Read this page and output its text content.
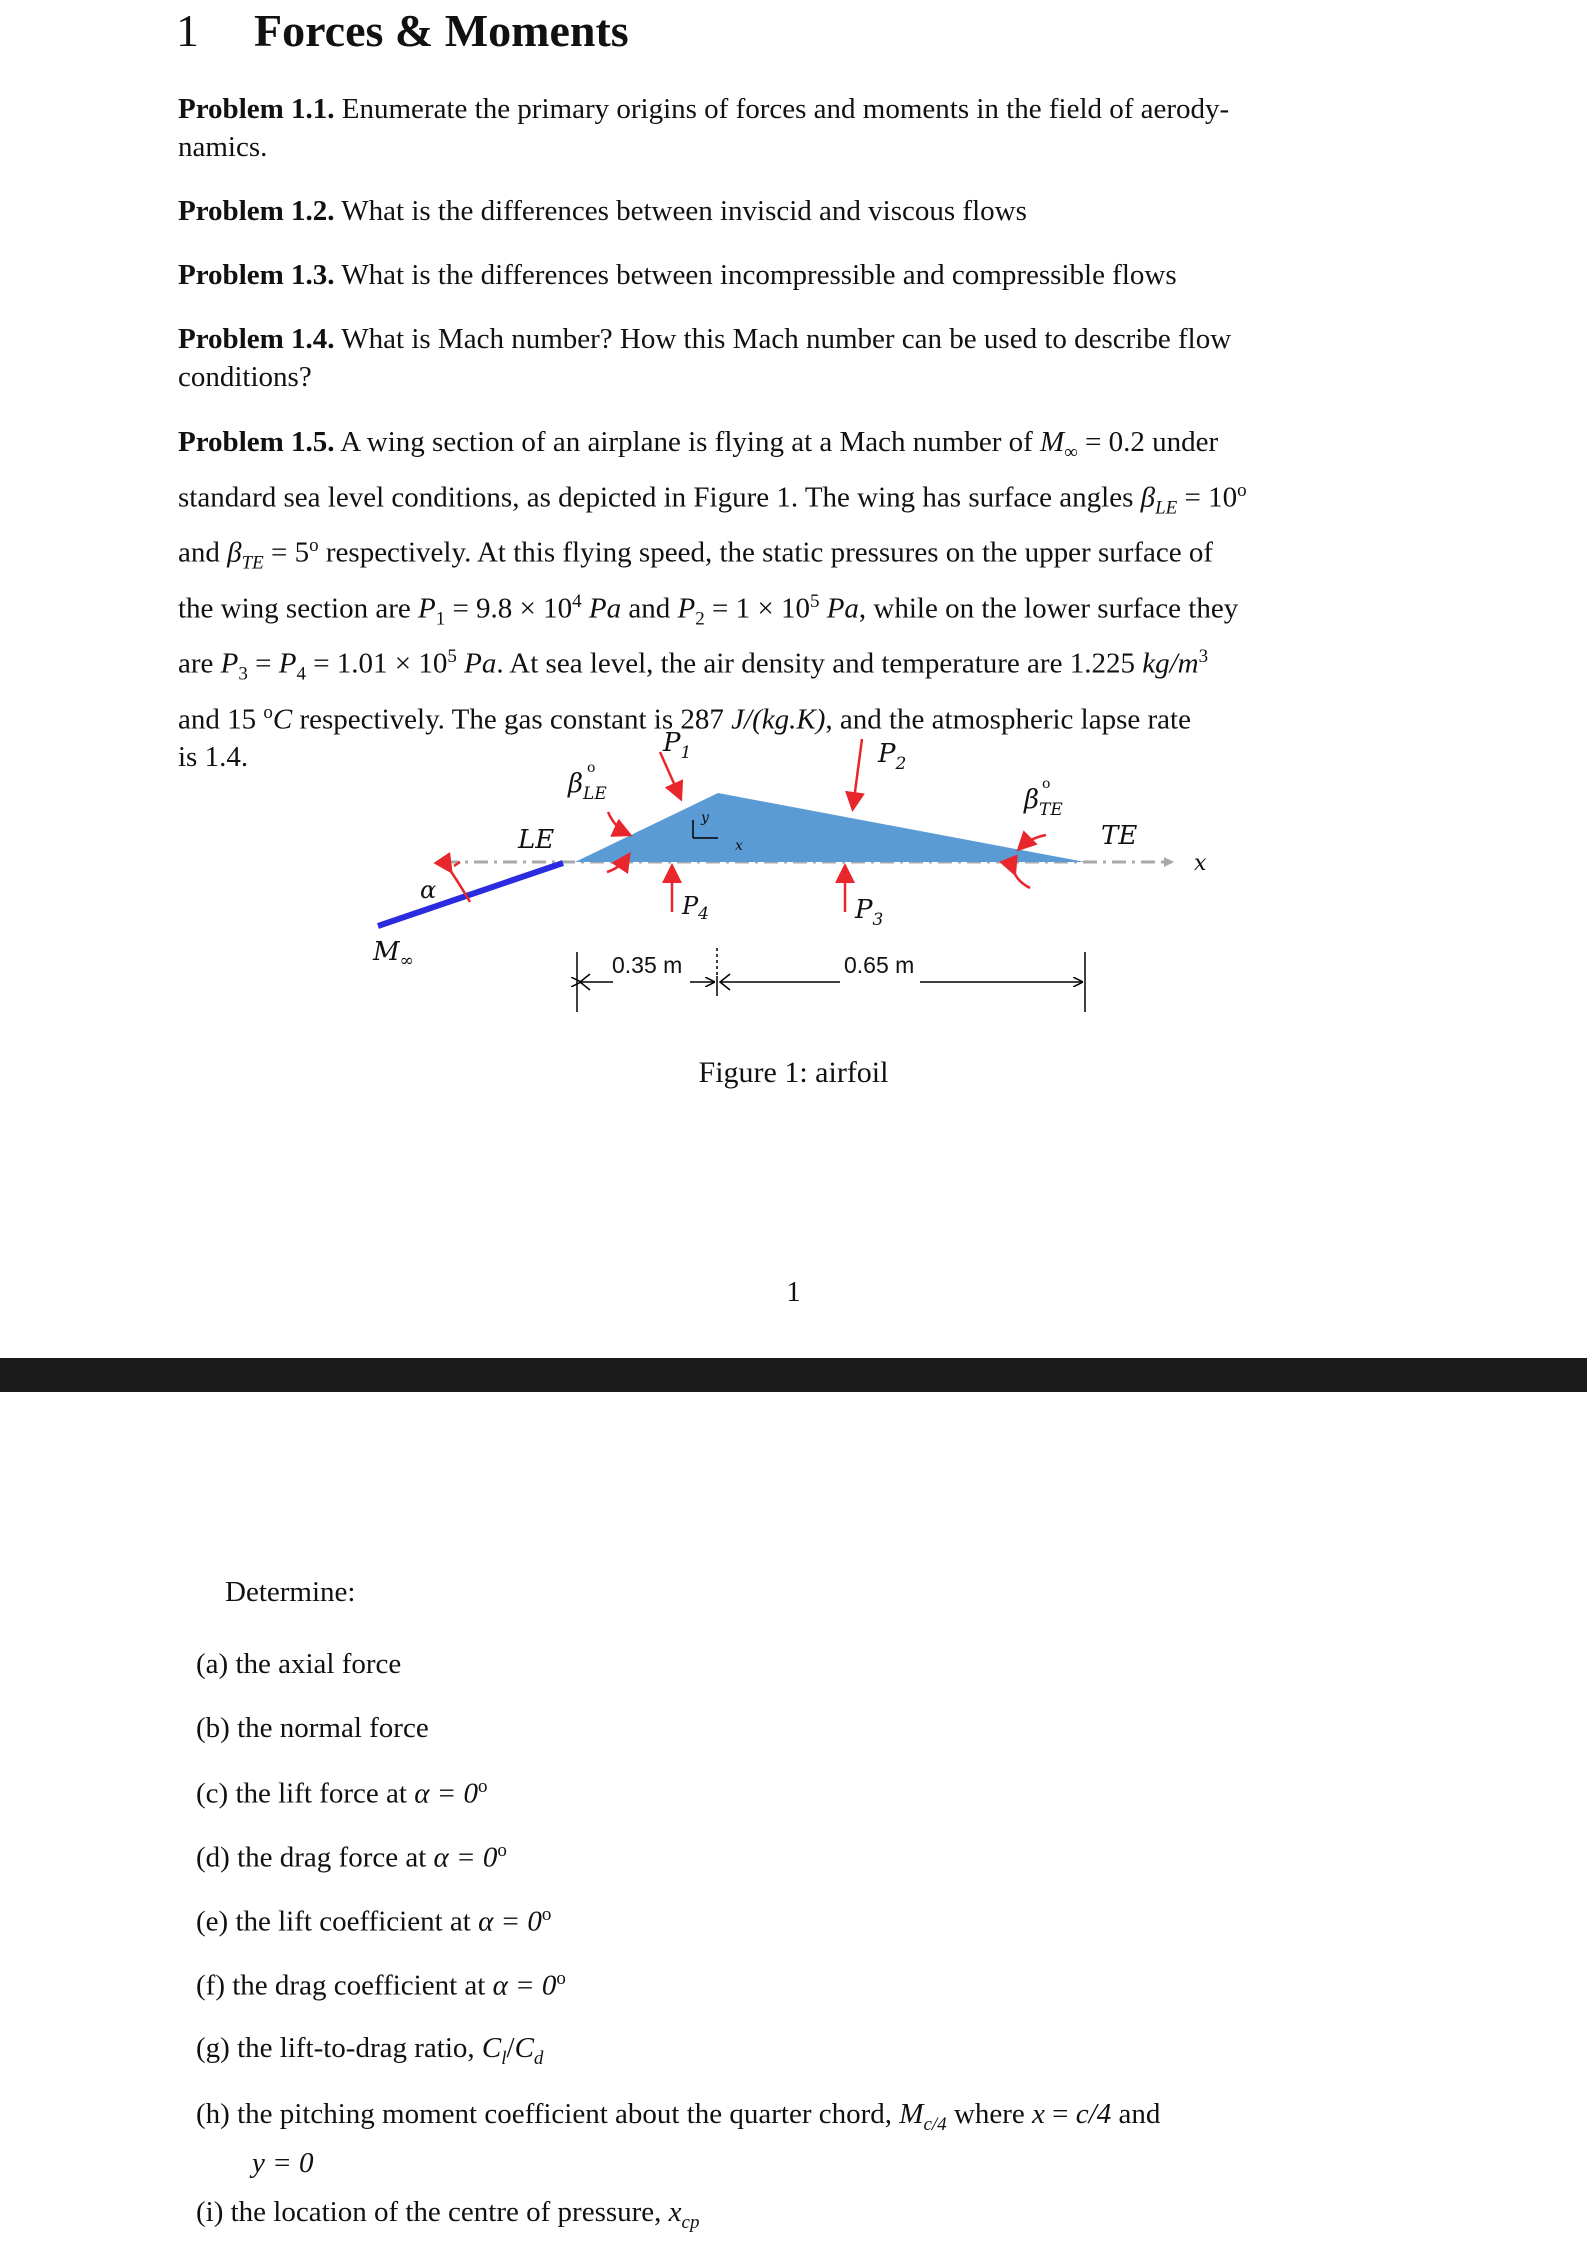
1 Forces & Moments
Problem 1.1. Enumerate the primary origins of forces and moments in the field of aerody-
namics.
Problem 1.2. What is the differences between inviscid and viscous flows
Problem 1.3. What is the differences between incompressible and compressible flows
Problem 1.4. What is Mach number? How this Mach number can be used to describe flow
conditions?
Problem 1.5. A wing section of an airplane is flying at a Mach number of $M_\infty = 0.2$ under
standard sea level conditions, as depicted in Figure 1. The wing has surface angles $\beta_{LE} = 10^o$
and $\beta_{TE} = 5^o$ respectively. At this flying speed, the static pressures on the upper surface of
the wing section are $P_1 = 9.8 \times 10^4$ Pa and $P_2 = 1 \times 10^5$ Pa, while on the lower surface they
are $P_3 = P_4 = 1.01 \times 10^5$ Pa. At sea level, the air density and temperature are 1.225 $kg/m^3$
and 15 $^o$C respectively. The gas constant is 287 J/(kg.K), and the atmospheric lapse rate
is 1.4.	$P_1$	$P_2$
$P_3$
$P_4$
$\beta_{LE}$
o
$\beta_{TE}$
o
LE	TE
x
x
y
α
$M_\infty$	0.35 m	0.65 m
Figure 1: airfoil
1
Determine:
(a) the axial force
(b) the normal force
(c) the lift force at $\alpha = 0^o$
(d) the drag force at $\alpha = 0^o$
(e) the lift coefficient at $\alpha = 0^o$
(f) the drag coefficient at $\alpha = 0^o$
(g) the lift-to-drag ratio, $C_l/C_d$
(h) the pitching moment coefficient about the quarter chord, $M_{c/4}$ where x = c/4 and
y = 0
(i) the location of the centre of pressure, $x_{cp}$
